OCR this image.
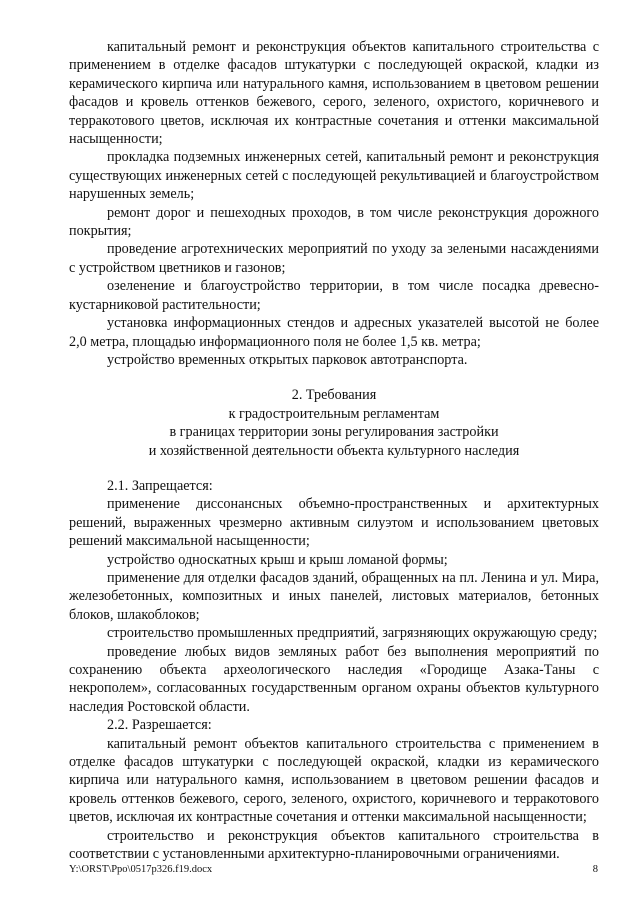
капитальный ремонт и реконструкция объектов капитального строительства с применением в отделке фасадов штукатурки с последующей окраской, кладки из керамического кирпича или натурального камня, использованием в цветовом решении фасадов и кровель оттенков бежевого, серого, зеленого, охристого, коричневого и терракотового цветов, исключая их контрастные сочетания и оттенки максимальной насыщенности;

прокладка подземных инженерных сетей, капитальный ремонт и реконструкция существующих инженерных сетей с последующей рекультивацией и благоустройством нарушенных земель;

ремонт дорог и пешеходных проходов, в том числе реконструкция дорожного покрытия;

проведение агротехнических мероприятий по уходу за зелеными насаждениями с устройством цветников и газонов;

озеленение и благоустройство территории, в том числе посадка древесно-кустарниковой растительности;

установка информационных стендов и адресных указателей высотой не более 2,0 метра, площадью информационного поля не более 1,5 кв. метра;

устройство временных открытых парковок автотранспорта.

2. Требования

к градостроительным регламентам

в границах территории зоны регулирования застройки

и хозяйственной деятельности объекта культурного наследия

2.1. Запрещается:

применение диссонансных объемно-пространственных и архитектурных решений, выраженных чрезмерно активным силуэтом и использованием цветовых решений максимальной насыщенности;

устройство односкатных крыш и крыш ломаной формы;

применение для отделки фасадов зданий, обращенных на пл. Ленина и ул. Мира, железобетонных, композитных и иных панелей, листовых материалов, бетонных блоков, шлакоблоков;

строительство промышленных предприятий, загрязняющих окружающую среду;

проведение любых видов земляных работ без выполнения мероприятий по сохранению объекта археологического наследия «Городище Азака-Таны с некрополем», согласованных государственным органом охраны объектов культурного наследия Ростовской области.

2.2. Разрешается:

капитальный ремонт объектов капитального строительства с применением в отделке фасадов штукатурки с последующей окраской, кладки из керамического кирпича или натурального камня, использованием в цветовом решении фасадов и кровель оттенков бежевого, серого, зеленого, охристого, коричневого и терракотового цветов, исключая их контрастные сочетания и оттенки максимальной насыщенности;

строительство и реконструкция объектов капитального строительства в соответствии с установленными архитектурно-планировочными ограничениями.

Y:\ORST\Ppo\0517p326.f19.docx	8
